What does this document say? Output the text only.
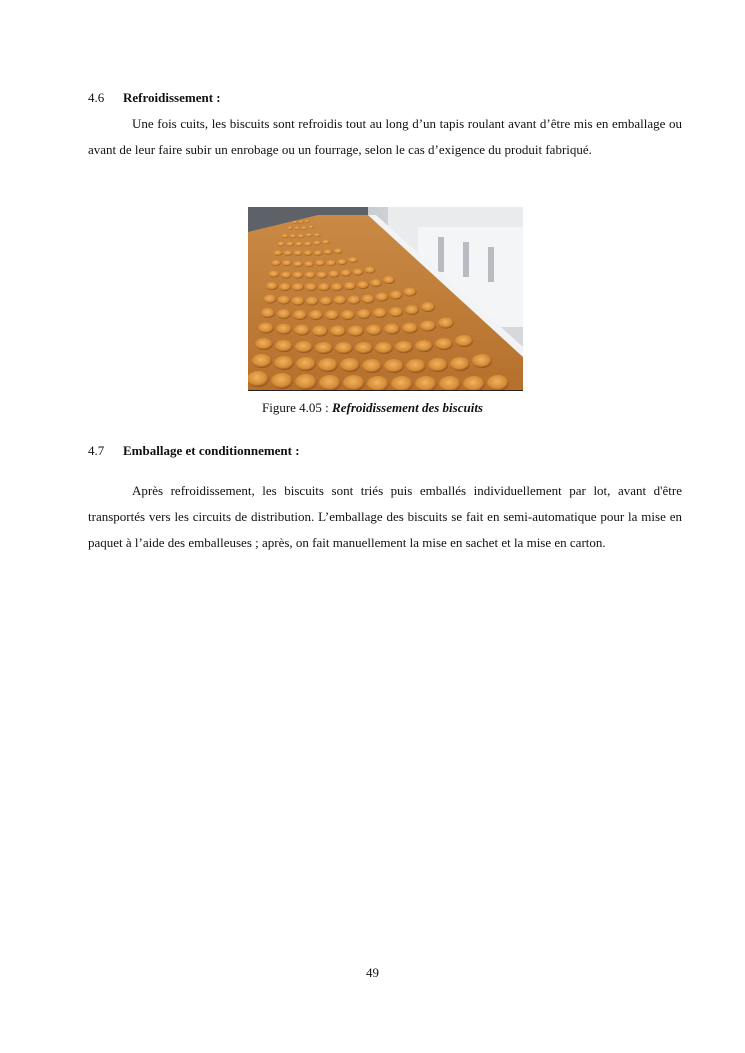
4.6 Refroidissement :

Une fois cuits, les biscuits sont refroidis tout au long d’un tapis roulant avant d’être mis en emballage ou avant de leur faire subir un enrobage ou un fourrage, selon le cas d’exigence du produit fabriqué.

Figure 4.05 : Refroidissement des biscuits
4.7 Emballage et conditionnement :

Après refroidissement, les biscuits sont triés puis emballés individuellement par lot, avant d'être transportés vers les circuits de distribution. L’emballage des biscuits se fait en semi-automatique pour la mise en paquet à l’aide des emballeuses ; après, on fait manuellement la mise en sachet et la mise en carton.

49
